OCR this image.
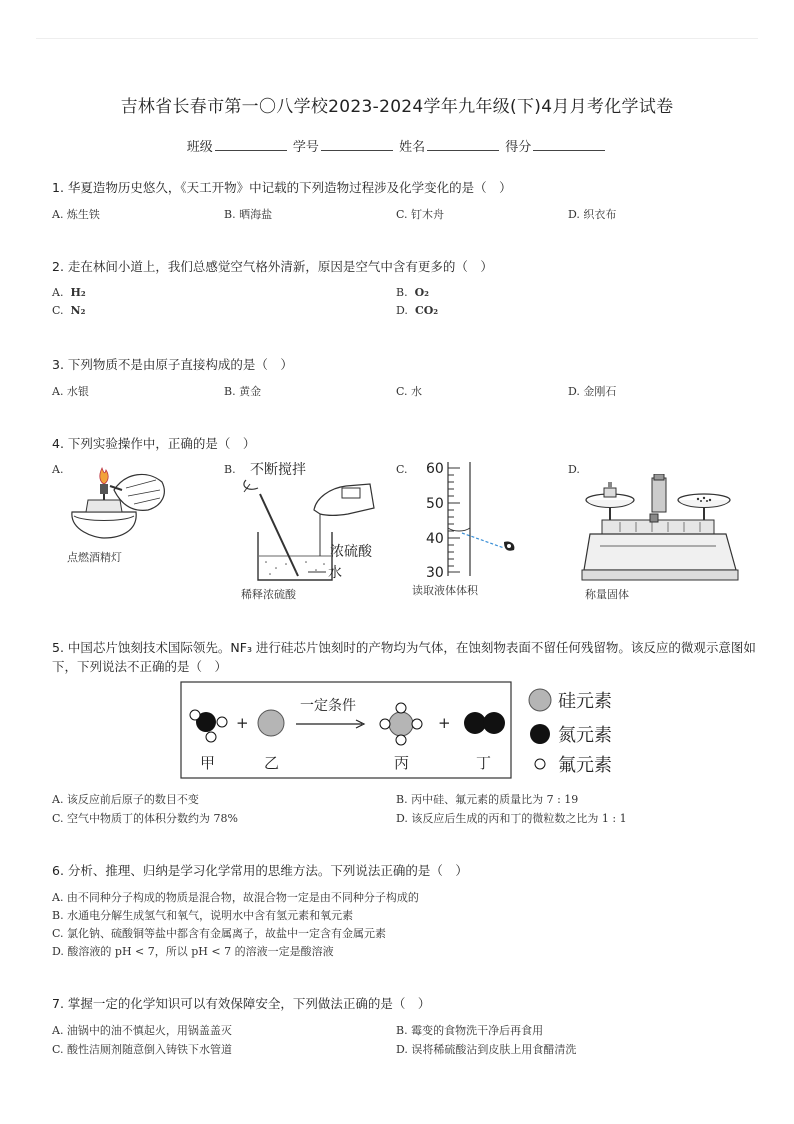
吉林省长春市第一〇八学校2023-2024学年九年级(下)4月月考化学试卷
班级	学号	姓名	得分
1. 华夏造物历史悠久，《天工开物》中记载的下列造物过程涉及化学变化的是（　）
A. 炼生铁	B. 晒海盐	C. 钉木舟	D. 织衣布
2. 走在林间小道上，我们总感觉空气格外清新，原因是空气中含有更多的（　）
A. H₂	B. O₂
C. N₂	D. CO₂
3. 下列物质不是由原子直接构成的是（　）
A. 水银	B. 黄金	C. 水	D. 金刚石
4. 下列实验操作中，正确的是（　）
A.	B.	C.	D.
点燃酒精灯
不断搅拌
浓硫酸
水
稀释浓硫酸
60
50
40
30
读取液体体积	称量固体
5. 中国芯片蚀刻技术国际领先。NF₃ 进行硅芯片蚀刻时的产物均为气体，在蚀刻物表面不留任何残留物。该反应的微观示意图如
下，下列说法不正确的是（　）
+
一定条件
+
甲	乙	丙	丁
硅元素
氮元素
氟元素
A. 该反应前后原子的数目不变	B. 丙中硅、氟元素的质量比为 7 : 19
C. 空气中物质丁的体积分数约为 78%	D. 该反应后生成的丙和丁的微粒数之比为 1 : 1
6. 分析、推理、归纳是学习化学常用的思维方法。下列说法正确的是（　）
A. 由不同种分子构成的物质是混合物，故混合物一定是由不同种分子构成的
B. 水通电分解生成氢气和氧气，说明水中含有氢元素和氧元素
C. 氯化钠、硫酸铜等盐中都含有金属离子，故盐中一定含有金属元素
D. 酸溶液的 pH < 7，所以 pH < 7 的溶液一定是酸溶液
7. 掌握一定的化学知识可以有效保障安全，下列做法正确的是（　）
A. 油锅中的油不慎起火，用锅盖盖灭	B. 霉变的食物洗干净后再食用
C. 酸性洁厕剂随意倒入铸铁下水管道	D. 误将稀硫酸沾到皮肤上用食醋清洗
